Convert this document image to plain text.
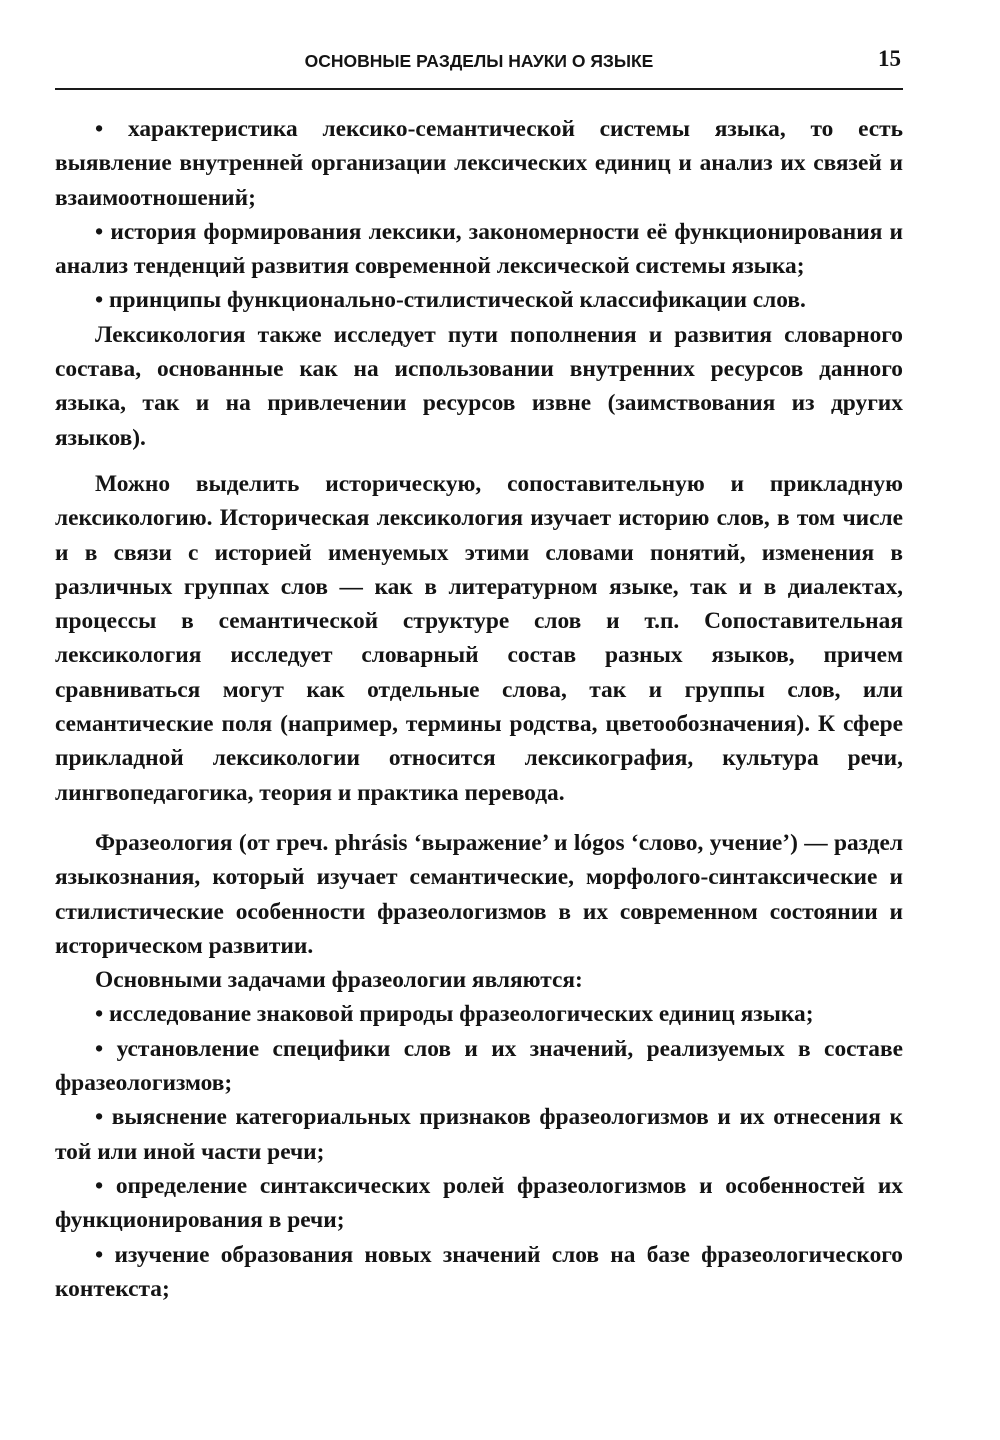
ОСНОВНЫЕ РАЗДЕЛЫ НАУКИ О ЯЗЫКЕ	15

• характеристика лексико-семантической системы языка, то есть выявление внутренней организации лексических единиц и анализ их связей и взаимоотношений;

• история формирования лексики, закономерности её функционирования и анализ тенденций развития современной лексической системы языка;

• принципы функционально-стилистической классификации слов.

Лексикология также исследует пути пополнения и развития словарного состава, основанные как на использовании внутренних ресурсов данного языка, так и на привлечении ресурсов извне (заимствования из других языков).

Можно выделить историческую, сопоставительную и прикладную лексикологию. Историческая лексикология изучает историю слов, в том числе и в связи с историей именуемых этими словами понятий, изменения в различных группах слов — как в литературном языке, так и в диалектах, процессы в семантической структуре слов и т.п. Сопоставительная лексикология исследует словарный состав разных языков, причем сравниваться могут как отдельные слова, так и группы слов, или семантические поля (например, термины родства, цветообозначения). К сфере прикладной лексикологии относится лексикография, культура речи, лингвопедагогика, теория и практика перевода.

Фразеология (от греч. phrásis ‘выражение’ и lógos ‘слово, учение’) — раздел языкознания, который изучает семантические, морфолого-синтаксические и стилистические особенности фразеологизмов в их современном состоянии и историческом развитии.

Основными задачами фразеологии являются:

• исследование знаковой природы фразеологических единиц языка;

• установление специфики слов и их значений, реализуемых в составе фразеологизмов;

• выяснение категориальных признаков фразеологизмов и их отнесения к той или иной части речи;

• определение синтаксических ролей фразеологизмов и особенностей их функционирования в речи;

• изучение образования новых значений слов на базе фразеологического контекста;
